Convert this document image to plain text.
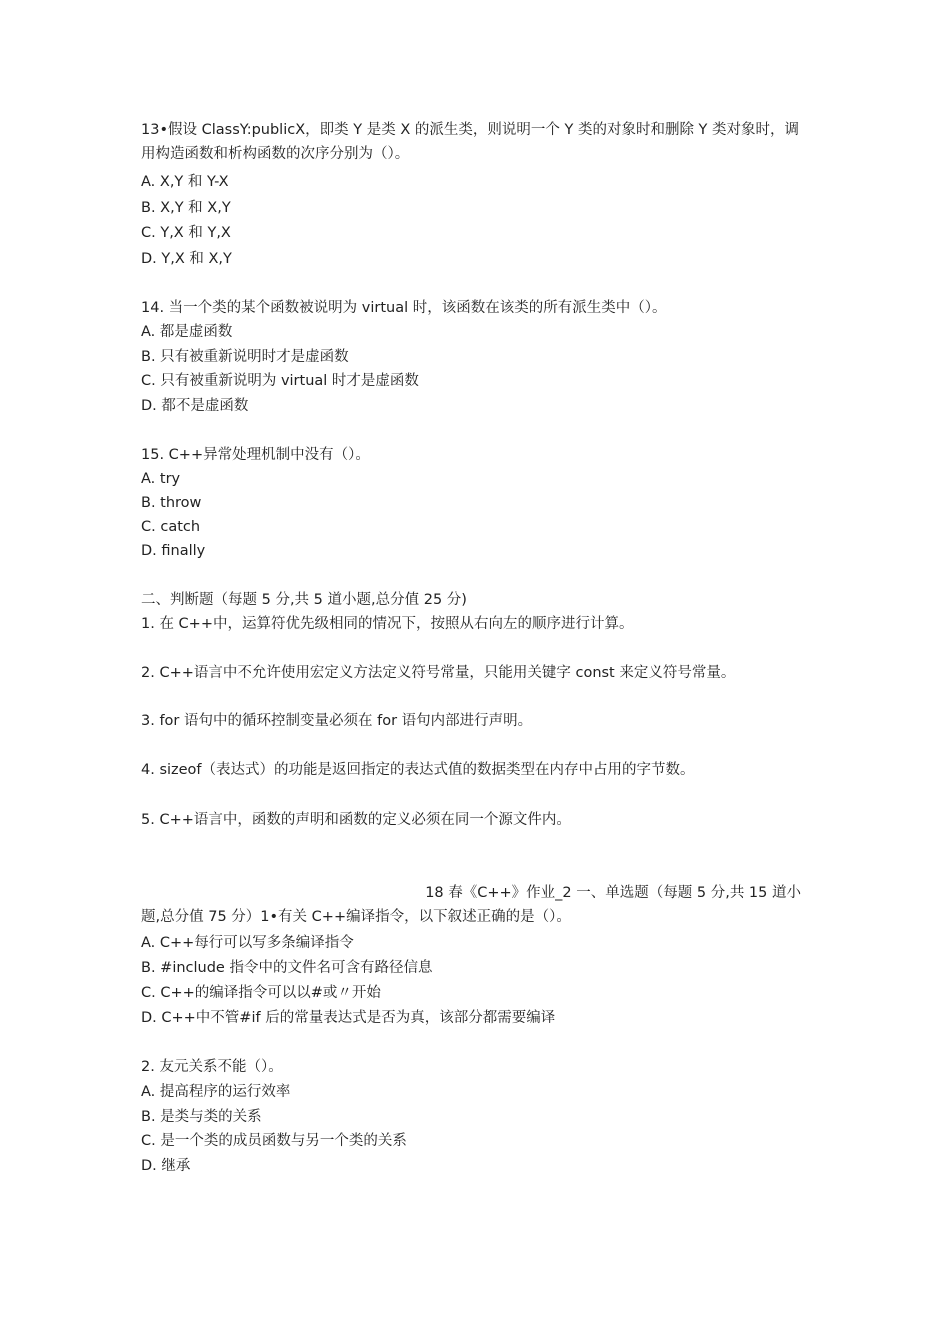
13•假设 ClassY:publicX，即类 Y 是类 X 的派生类，则说明一个 Y 类的对象时和删除 Y 类对象时，调用构造函数和析构函数的次序分别为（）。
A. X,Y 和 Y-X
B. X,Y 和 X,Y
C. Y,X 和 Y,X
D. Y,X 和 X,Y
14. 当一个类的某个函数被说明为 virtual 时，该函数在该类的所有派生类中（）。
A. 都是虚函数
B. 只有被重新说明时才是虚函数
C. 只有被重新说明为 virtual 时才是虚函数
D. 都不是虚函数
15. C++异常处理机制中没有（）。
A. try
B. throw
C. catch
D. finally
二、判断题（每题 5 分,共 5 道小题,总分值 25 分)
1. 在 C++中，运算符优先级相同的情况下，按照从右向左的顺序进行计算。
2. C++语言中不允许使用宏定义方法定义符号常量，只能用关键字 const 来定义符号常量。
3. for 语句中的循环控制变量必须在 for 语句内部进行声明。
4. sizeof（表达式）的功能是返回指定的表达式值的数据类型在内存中占用的字节数。
5. C++语言中，函数的声明和函数的定义必须在同一个源文件内。
18 春《C++》作业_2 一、单选题（每题 5 分,共 15 道小
题,总分值 75 分）1•有关 C++编译指令，以下叙述正确的是（）。
A. C++每行可以写多条编译指令
B. #include 指令中的文件名可含有路径信息
C. C++的编译指令可以以#或〃开始
D. C++中不管#if 后的常量表达式是否为真，该部分都需要编译
2. 友元关系不能（）。
A. 提高程序的运行效率
B. 是类与类的关系
C. 是一个类的成员函数与另一个类的关系
D. 继承
